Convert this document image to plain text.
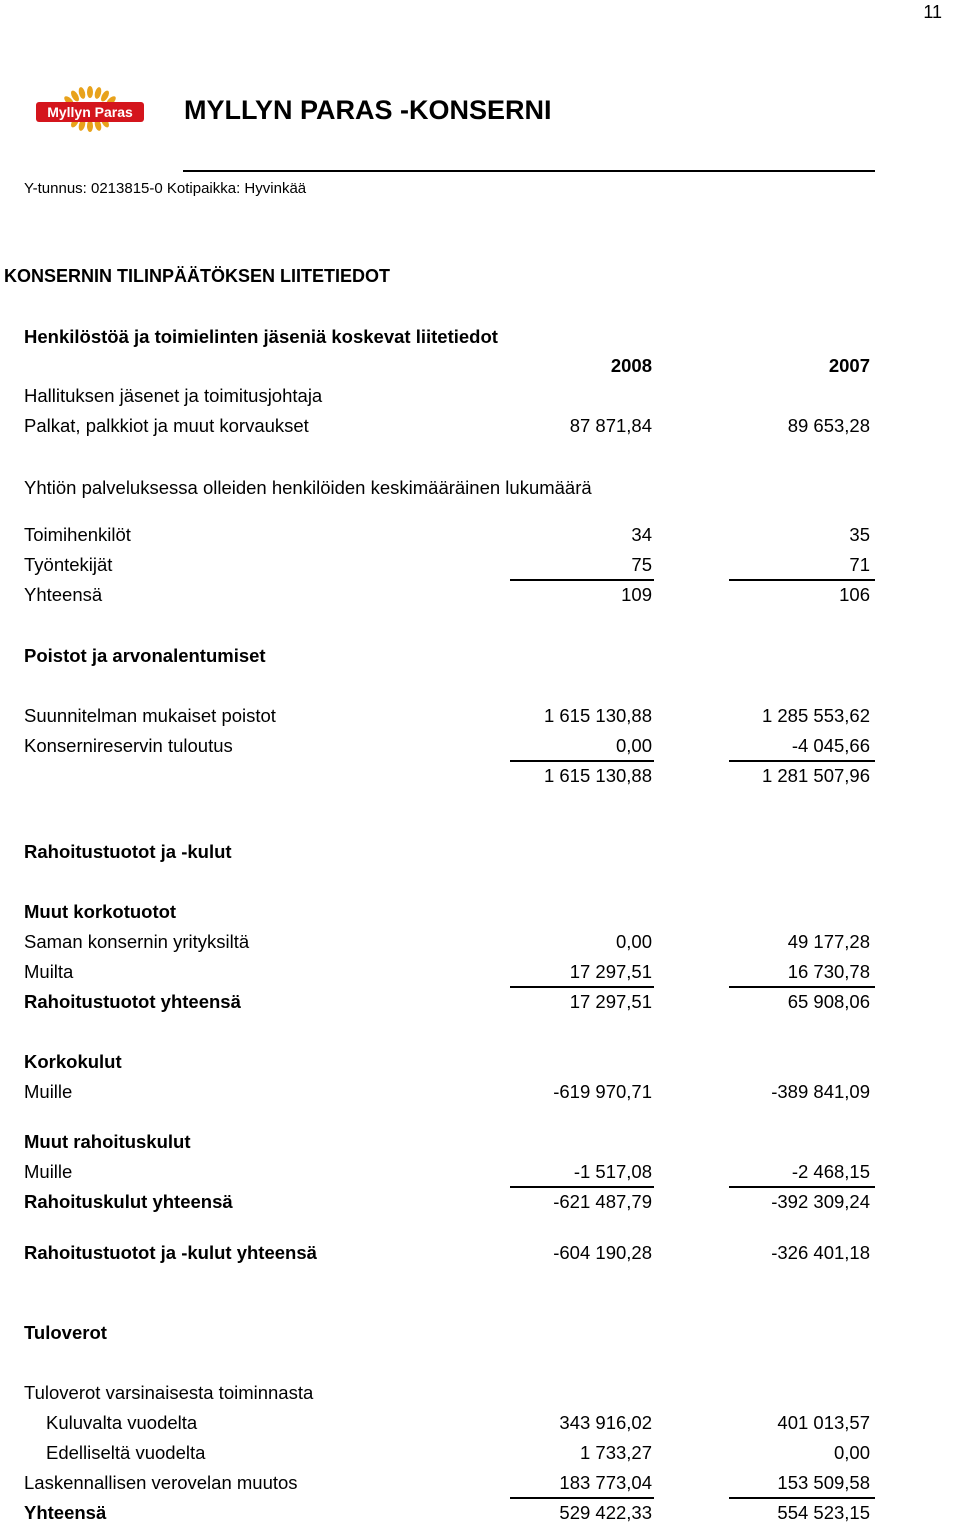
11
Myllyn Paras MYLLYN PARAS -KONSERNI
Y-tunnus: 0213815-0 Kotipaikka: Hyvinkää
KONSERNIN TILINPÄÄTÖKSEN LIITETIEDOT
Henkilöstöä ja toimielinten jäseniä koskevat liitetiedot
2008	2007
Hallituksen jäsenet ja toimitusjohtaja
Palkat, palkkiot ja muut korvaukset	87 871,84	89 653,28
Yhtiön palveluksessa olleiden henkilöiden keskimääräinen lukumäärä
Toimihenkilöt	34	35
Työntekijät	75	71
Yhteensä	109	106
Poistot ja arvonalentumiset
Suunnitelman mukaiset poistot	1 615 130,88	1 285 553,62
Konsernireservin tuloutus	0,00	-4 045,66
1 615 130,88	1 281 507,96
Rahoitustuotot ja -kulut
Muut korkotuotot
Saman konsernin yrityksiltä	0,00	49 177,28
Muilta	17 297,51	16 730,78
Rahoitustuotot yhteensä	17 297,51	65 908,06
Korkokulut
Muille	-619 970,71	-389 841,09
Muut rahoituskulut
Muille	-1 517,08	-2 468,15
Rahoituskulut yhteensä	-621 487,79	-392 309,24
Rahoitustuotot ja -kulut yhteensä	-604 190,28	-326 401,18
Tuloverot
Tuloverot varsinaisesta toiminnasta
Kuluvalta vuodelta	343 916,02	401 013,57
Edelliseltä vuodelta	1 733,27	0,00
Laskennallisen verovelan muutos	183 773,04	153 509,58
Yhteensä	529 422,33	554 523,15
